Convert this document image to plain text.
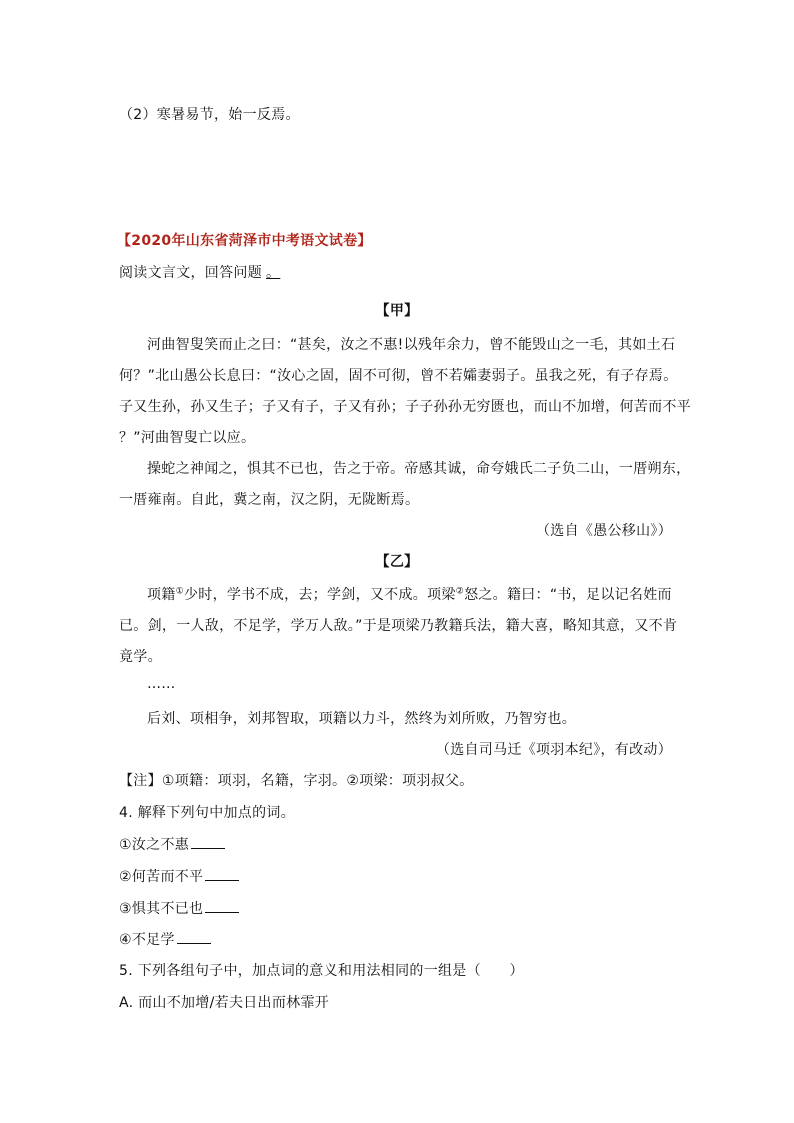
（2）寒暑易节，始一反焉。
【2020年山东省菏泽市中考语文试卷】
阅读文言文，回答问题 。
【甲】
河曲智叟笑而止之曰：“甚矣，汝之不惠!以残年余力，曾不能毁山之一毛，其如土石
何？”北山愚公长息曰：“汝心之固，固不可彻，曾不若孀妻弱子。虽我之死，有子存焉。
子又生孙，孙又生子；子又有子，子又有孙；子子孙孙无穷匮也，而山不加增，何苦而不平
？”河曲智叟亡以应。
操蛇之神闻之，惧其不已也，告之于帝。帝感其诚，命夸娥氏二子负二山，一厝朔东，
一厝雍南。自此，冀之南，汉之阴，无陇断焉。
（选自《愚公移山》）
【乙】
项籍①少时，学书不成，去；学剑，又不成。项梁②怒之。籍曰：“书，足以记名姓而
已。剑，一人敌，不足学，学万人敌。”于是项梁乃教籍兵法，籍大喜，略知其意，又不肯
竟学。
……
后刘、项相争，刘邦智取，项籍以力斗，然终为刘所败，乃智穷也。
（选自司马迁《项羽本纪》，有改动）
【注】①项籍：项羽，名籍，字羽。②项梁：项羽叔父。
4. 解释下列句中加点的词。
①汝之不惠
②何苦而不平
③惧其不已也
④不足学
5. 下列各组句子中，加点词的意义和用法相同的一组是（　　）
A. 而山不加增/若夫日出而林霏开
